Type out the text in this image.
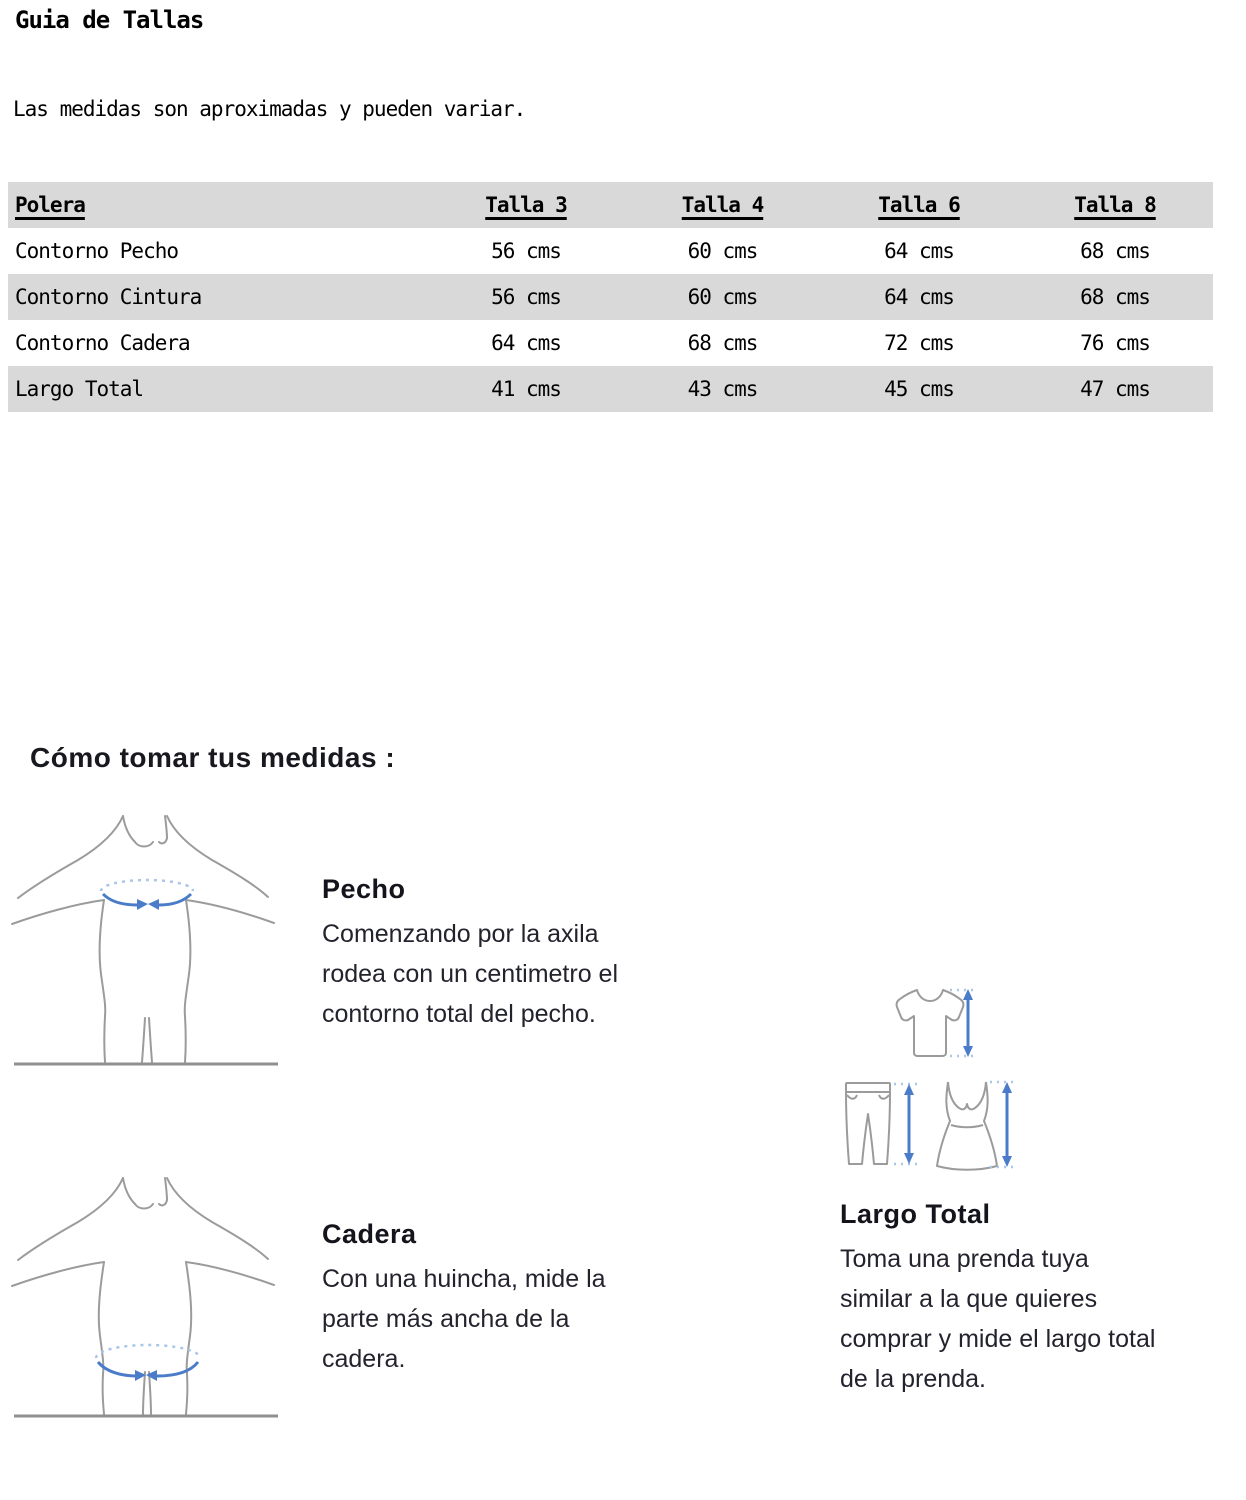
Guia de Tallas
Las medidas son aproximadas y pueden variar.
Polera	Talla 3	Talla 4	Talla 6	Talla 8
Contorno Pecho	56 cms	60 cms	64 cms	68 cms
Contorno Cintura	56 cms	60 cms	64 cms	68 cms
Contorno Cadera	64 cms	68 cms	72 cms	76 cms
Largo Total	41 cms	43 cms	45 cms	47 cms
Cómo tomar tus medidas :
Pecho
Comenzando por la axila
rodea con un centimetro el
contorno total del pecho.
Largo Total
Toma una prenda tuya
similar a la que quieres
comprar y mide el largo total
de la prenda.
Cadera
Con una huincha, mide la
parte más ancha de la
cadera.
